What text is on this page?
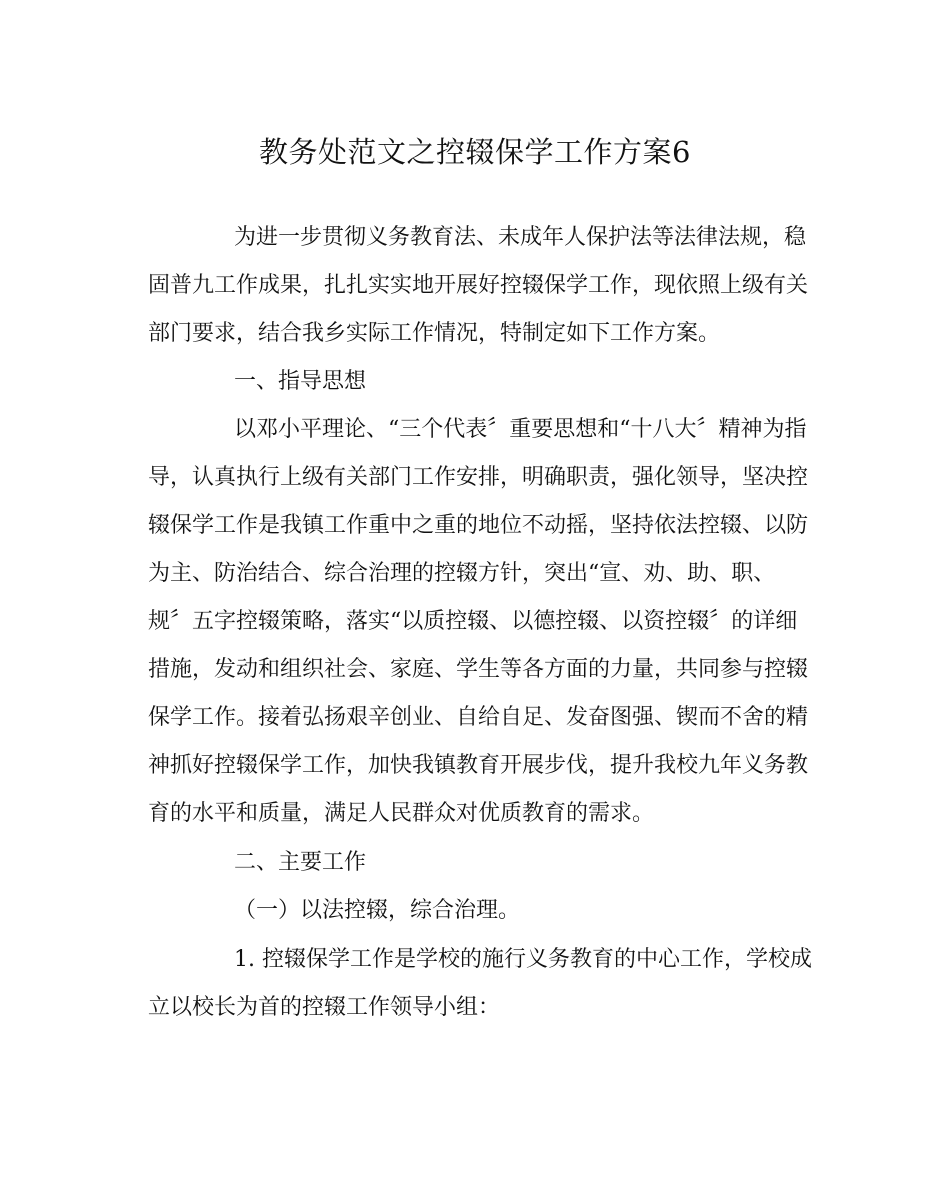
教务处范文之控辍保学工作方案6

为进一步贯彻义务教育法、未成年人保护法等法律法规，稳

固普九工作成果，扎扎实实地开展好控辍保学工作，现依照上级有关

部门要求，结合我乡实际工作情况，特制定如下工作方案。

一、指导思想

以邓小平理论、“三个代表〞重要思想和“十八大〞精神为指

导，认真执行上级有关部门工作安排，明确职责，强化领导，坚决控

辍保学工作是我镇工作重中之重的地位不动摇，坚持依法控辍、以防

为主、防治结合、综合治理的控辍方针，突出“宣、劝、助、职、

规〞五字控辍策略，落实“以质控辍、以德控辍、以资控辍〞的详细

措施，发动和组织社会、家庭、学生等各方面的力量，共同参与控辍

保学工作。接着弘扬艰辛创业、自给自足、发奋图强、锲而不舍的精

神抓好控辍保学工作，加快我镇教育开展步伐，提升我校九年义务教

育的水平和质量，满足人民群众对优质教育的需求。

二、主要工作

（一）以法控辍，综合治理。

1. 控辍保学工作是学校的施行义务教育的中心工作，学校成

立以校长为首的控辍工作领导小组：
